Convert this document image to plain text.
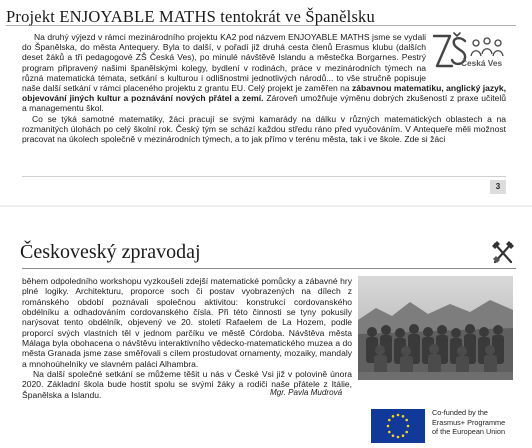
Projekt ENJOYABLE MATHS tentokrát ve Španělsku
Česká Ves

Na druhý výjezd v rámci mezinárodního projektu KA2 pod názvem ENJOYABLE MATHS jsme se vydali do Španělska, do města Antequery. Byla to další, v pořadí již druhá cesta členů Erasmus klubu (dalších deset žáků a tři pedagogové ZŠ Česká Ves), po minulé návštěvě Islandu a městečka Borgarnes. Pestrý program připravený našimi španělskými kolegy, bydlení v rodinách, práce v mezinárodních týmech na různá matematická témata, setkání s kulturou i odlišnostmi jednotlivých národů... to vše stručně popisuje naše další setkání v rámci placeného projektu z grantu EU. Celý projekt je zaměřen na zábavnou matematiku, anglický jazyk, objevování jiných kultur a poznávání nových přátel a zemí. Zároveň umožňuje výměnu dobrých zkušeností z praxe učitelů a managementu škol.

Co se týká samotné matematiky, žáci pracují se svými kamarády na dálku v různých matematických oblastech a na rozmanitých úlohách po celý školní rok. Český tým se schází každou středu ráno před vyučováním. V Antequeře měli možnost pracovat na úkolech společně v mezinárodních týmech, a to jak přímo v terénu města, tak i ve škole. Zde si žáci

3
Českoveský zpravodaj

během odpoledního workshopu vyzkoušeli zdejší matematické pomůcky a zábavné hry plné logiky. Architekturu, proporce soch či postav vyobrazených na dílech z románského období poznávali společnou aktivitou: konstrukcí cordovanského obdélníku a odhadováním cordovanského čísla. Při této činnosti se tyny pokusily narýsovat tento obdélník, objevený ve 20. století Rafaelem de La Hozem, podle proporcí svých vlastních těl v jednom parčíku ve městě Córdoba. Návštěva města Málaga byla obohacena o návštěvu interaktivního vědecko-matematického muzea a do města Granada jsme zase směřovali s cílem prostudovat ornamenty, mozaiky, mandaly a mnohoúhelníky ve slavném paláci Alhambra.

Na další společné setkání se můžeme těšit u nás v České Vsi již v polovině února 2020. Základní škola bude hostit spolu se svými žáky a rodiči naše přátele z Itálie, Španělska a Islandu.	Mgr. Pavla Mudrová
Co-funded by the
Erasmus+ Programme
of the European Union
